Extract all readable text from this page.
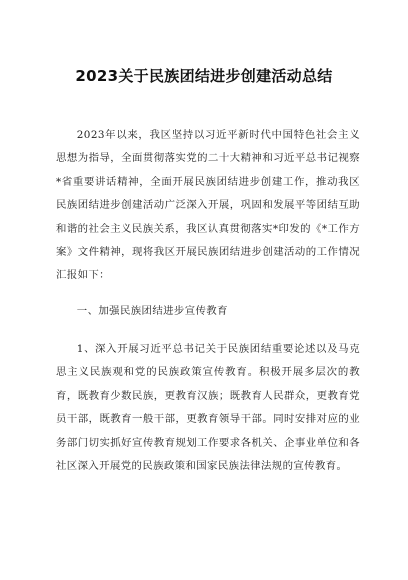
2023关于民族团结进步创建活动总结

2023年以来，我区坚持以习近平新时代中国特色社会主义思想为指导，全面贯彻落实党的二十大精神和习近平总书记视察*省重要讲话精神，全面开展民族团结进步创建工作，推动我区民族团结进步创建活动广泛深入开展，巩固和发展平等团结互助和谐的社会主义民族关系，我区认真贯彻落实*印发的《*工作方案》文件精神，现将我区开展民族团结进步创建活动的工作情况汇报如下：

一、加强民族团结进步宣传教育

1、深入开展习近平总书记关于民族团结重要论述以及马克思主义民族观和党的民族政策宣传教育。积极开展多层次的教育，既教育少数民族，更教育汉族；既教育人民群众，更教育党员干部，既教育一般干部，更教育领导干部。同时安排对应的业务部门切实抓好宣传教育规划工作要求各机关、企事业单位和各社区深入开展党的民族政策和国家民族法律法规的宣传教育。
